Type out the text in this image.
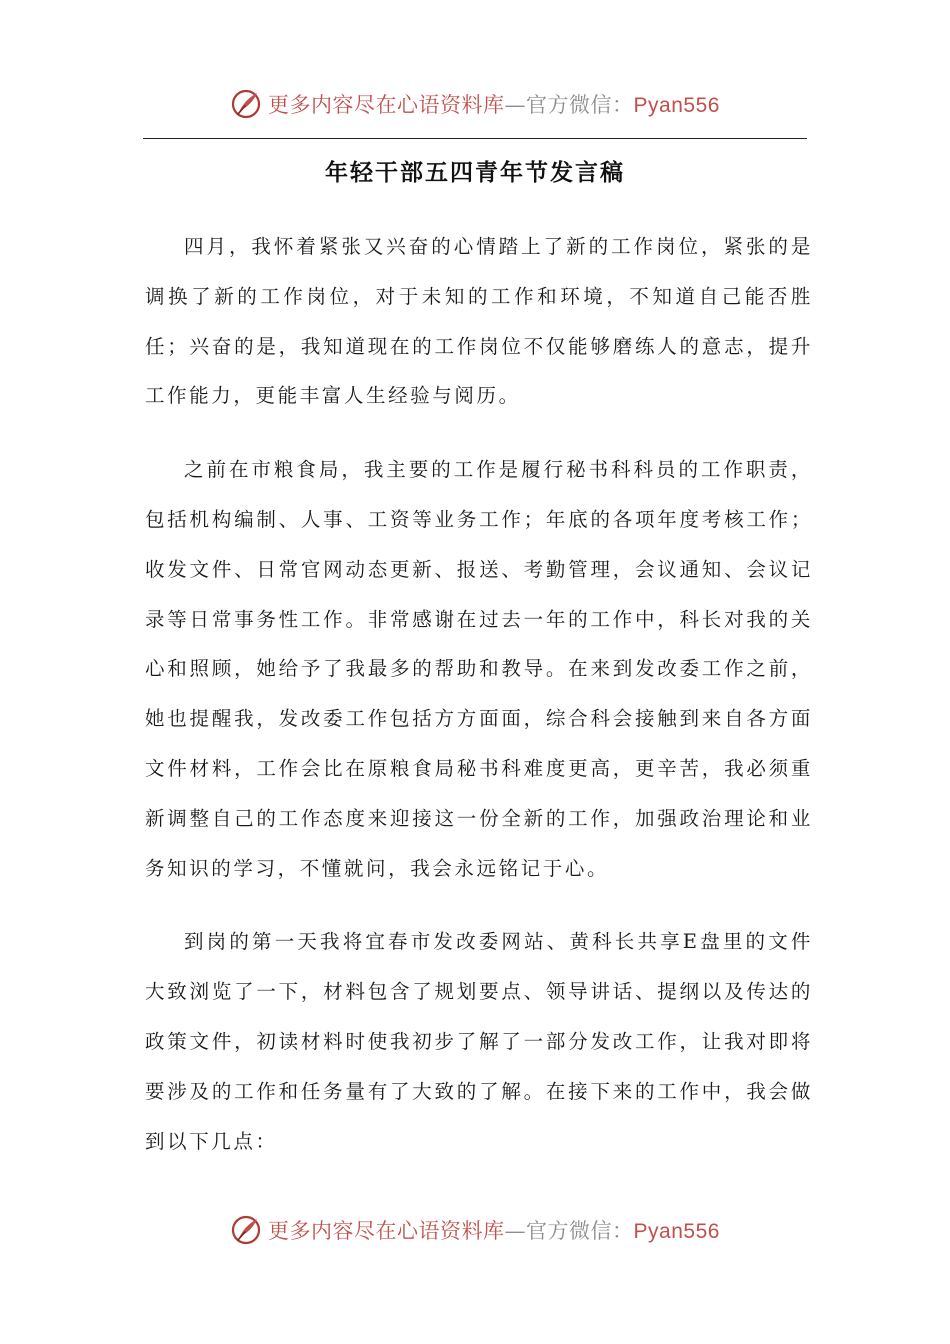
更多内容尽在心语资料库—官方微信：Pyan556
年轻干部五四青年节发言稿

四月，我怀着紧张又兴奋的心情踏上了新的工作岗位，紧张的是调换了新的工作岗位，对于未知的工作和环境，不知道自己能否胜任；兴奋的是，我知道现在的工作岗位不仅能够磨练人的意志，提升工作能力，更能丰富人生经验与阅历。

之前在市粮食局，我主要的工作是履行秘书科科员的工作职责，包括机构编制、人事、工资等业务工作；年底的各项年度考核工作；收发文件、日常官网动态更新、报送、考勤管理，会议通知、会议记录等日常事务性工作。非常感谢在过去一年的工作中，科长对我的关心和照顾，她给予了我最多的帮助和教导。在来到发改委工作之前，她也提醒我，发改委工作包括方方面面，综合科会接触到来自各方面文件材料，工作会比在原粮食局秘书科难度更高，更辛苦，我必须重新调整自己的工作态度来迎接这一份全新的工作，加强政治理论和业务知识的学习，不懂就问，我会永远铭记于心。

到岗的第一天我将宜春市发改委网站、黄科长共享E盘里的文件大致浏览了一下，材料包含了规划要点、领导讲话、提纲以及传达的政策文件，初读材料时使我初步了解了一部分发改工作，让我对即将要涉及的工作和任务量有了大致的了解。在接下来的工作中，我会做到以下几点：

更多内容尽在心语资料库—官方微信：Pyan556
